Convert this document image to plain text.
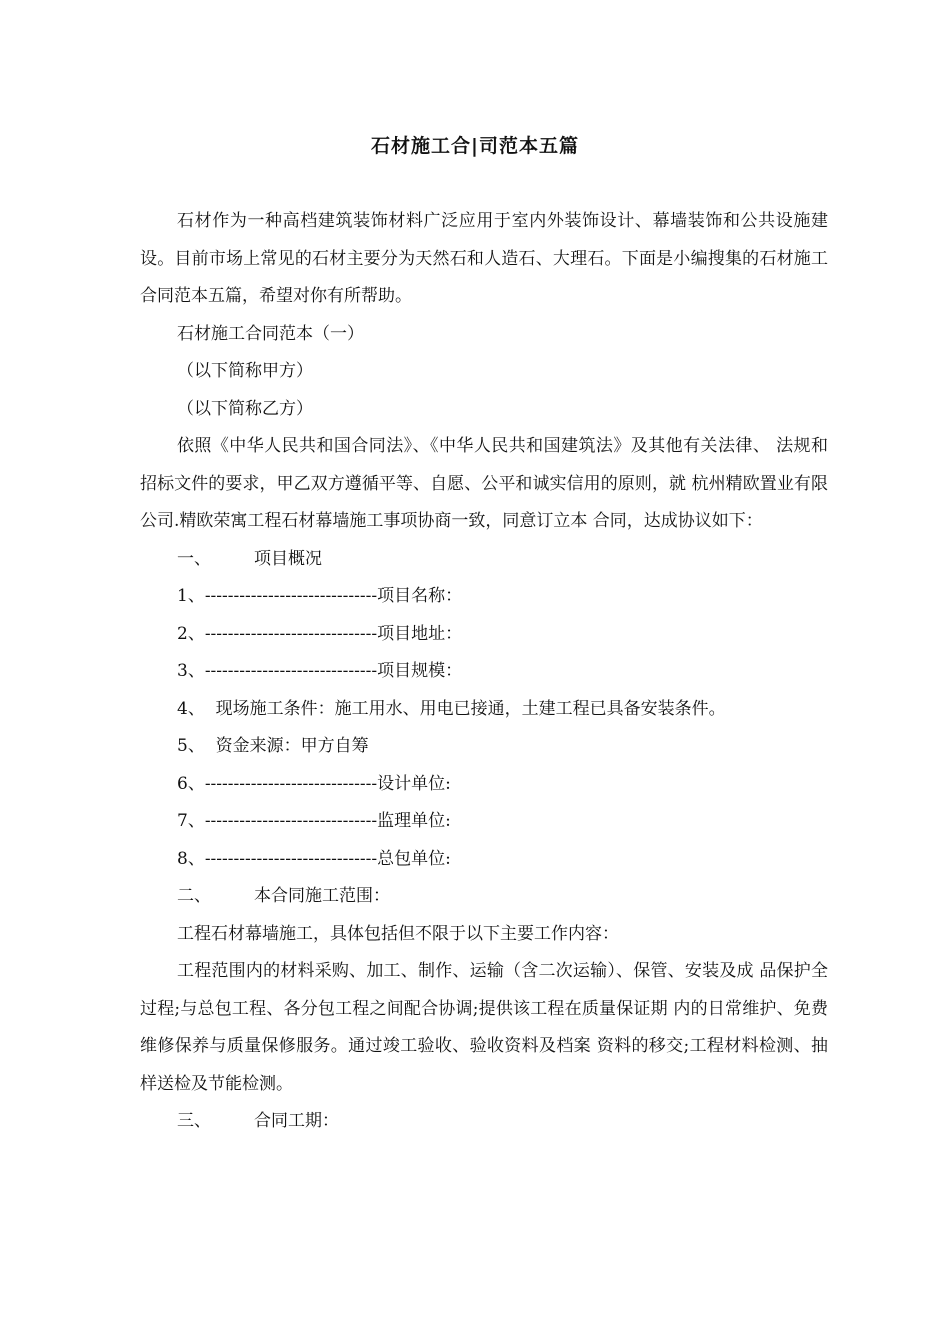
石材施工合|司范本五篇

石材作为一种高档建筑装饰材料广泛应用于室内外装饰设计、幕墙装饰和公共设施建设。目前市场上常见的石材主要分为天然石和人造石、大理石。下面是小编搜集的石材施工合同范本五篇，希望对你有所帮助。

石材施工合同范本（一）

（以下简称甲方）

（以下简称乙方）

依照《中华人民共和国合同法》、《中华人民共和国建筑法》及其他有关法律、 法规和招标文件的要求，甲乙双方遵循平等、自愿、公平和诚实信用的原则，就 杭州精欧置业有限公司.精欧荣寓工程石材幕墙施工事项协商一致，同意订立本 合同，达成协议如下：

一、	项目概况

1、------------------------------项目名称：

2、------------------------------项目地址：

3、------------------------------项目规模：

4、  现场施工条件：施工用水、用电已接通，土建工程已具备安装条件。

5、  资金来源：甲方自筹

6、------------------------------设计单位:

7、------------------------------监理单位:

8、------------------------------总包单位:

二、	本合同施工范围：

工程石材幕墙施工，具体包括但不限于以下主要工作内容：

工程范围内的材料采购、加工、制作、运输（含二次运输）、保管、安装及成 品保护全过程;与总包工程、各分包工程之间配合协调;提供该工程在质量保证期 内的日常维护、免费维修保养与质量保修服务。通过竣工验收、验收资料及档案 资料的移交;工程材料检测、抽样送检及节能检测。

三、	合同工期：
